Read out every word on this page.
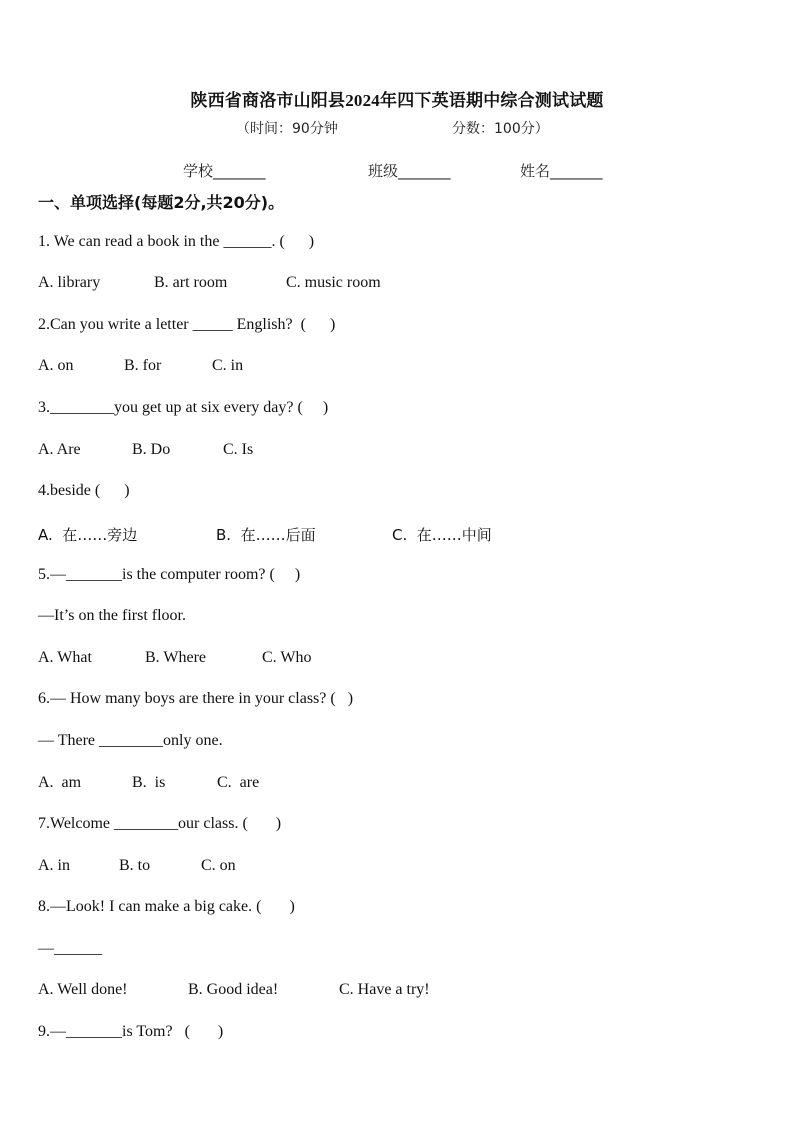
陕西省商洛市山阳县2024年四下英语期中综合测试试题
（时间：90分钟	分数：100分）
学校_______	班级_______	姓名_______
一、单项选择(每题2分,共20分)。
1. We can read a book in the ______. (      )
A. library	B. art room	C. music room
2.Can you write a letter _____ English?  (      )
A. on	B. for	C. in
3.________you get up at six every day? (     )
A. Are	B. Do	C. Is
4.beside (      )
A.  在……旁边	B.  在……后面	C.  在……中间
5.—_______is the computer room? (     )
—It’s on the first floor.
A. What	B. Where	C. Who
6.— How many boys are there in your class? (   )
— There ________only one.
A.  am	B.  is	C.  are
7.Welcome ________our class. (       )
A. in	B. to	C. on
8.—Look! I can make a big cake. (       )
—______
A. Well done!	B. Good idea!	C. Have a try!
9.—_______is Tom?   (       )
